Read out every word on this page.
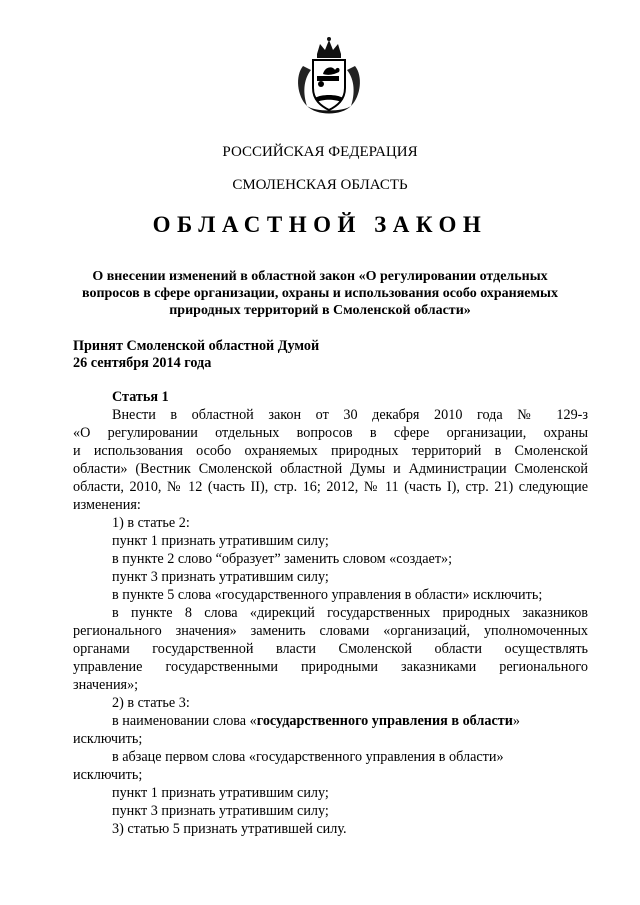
РОССИЙСКАЯ ФЕДЕРАЦИЯ
СМОЛЕНСКАЯ ОБЛАСТЬ
ОБЛАСТНОЙ ЗАКОН
О внесении изменений в областной закон «О регулировании отдельных
вопросов в сфере организации, охраны и использования особо охраняемых
природных территорий в Смоленской области»
Принят Смоленской областной Думой
26 сентября 2014 года
Статья 1
Внести в областной закон от 30 декабря 2010 года № 129-з
«О регулировании отдельных вопросов в сфере организации, охраны
и использования особо охраняемых природных территорий в Смоленской
области» (Вестник Смоленской областной Думы и Администрации Смоленской
области, 2010, № 12 (часть II), стр. 16; 2012, № 11 (часть I), стр. 21) следующие
изменения:
1) в статье 2:
пункт 1 признать утратившим силу;
в пункте 2 слово “образует” заменить словом «создает»;
пункт 3 признать утратившим силу;
в пункте 5 слова «государственного управления в области» исключить;
в пункте 8 слова «дирекций государственных природных заказников
регионального значения» заменить словами «организаций, уполномоченных
органами государственной власти Смоленской области осуществлять
управление государственными природными заказниками регионального
значения»;
2) в статье 3:
в наименовании слова «государственного управления в области»
исключить;
в абзаце первом слова «государственного управления в области»
исключить;
пункт 1 признать утратившим силу;
пункт 3 признать утратившим силу;
3) статью 5 признать утратившей силу.
